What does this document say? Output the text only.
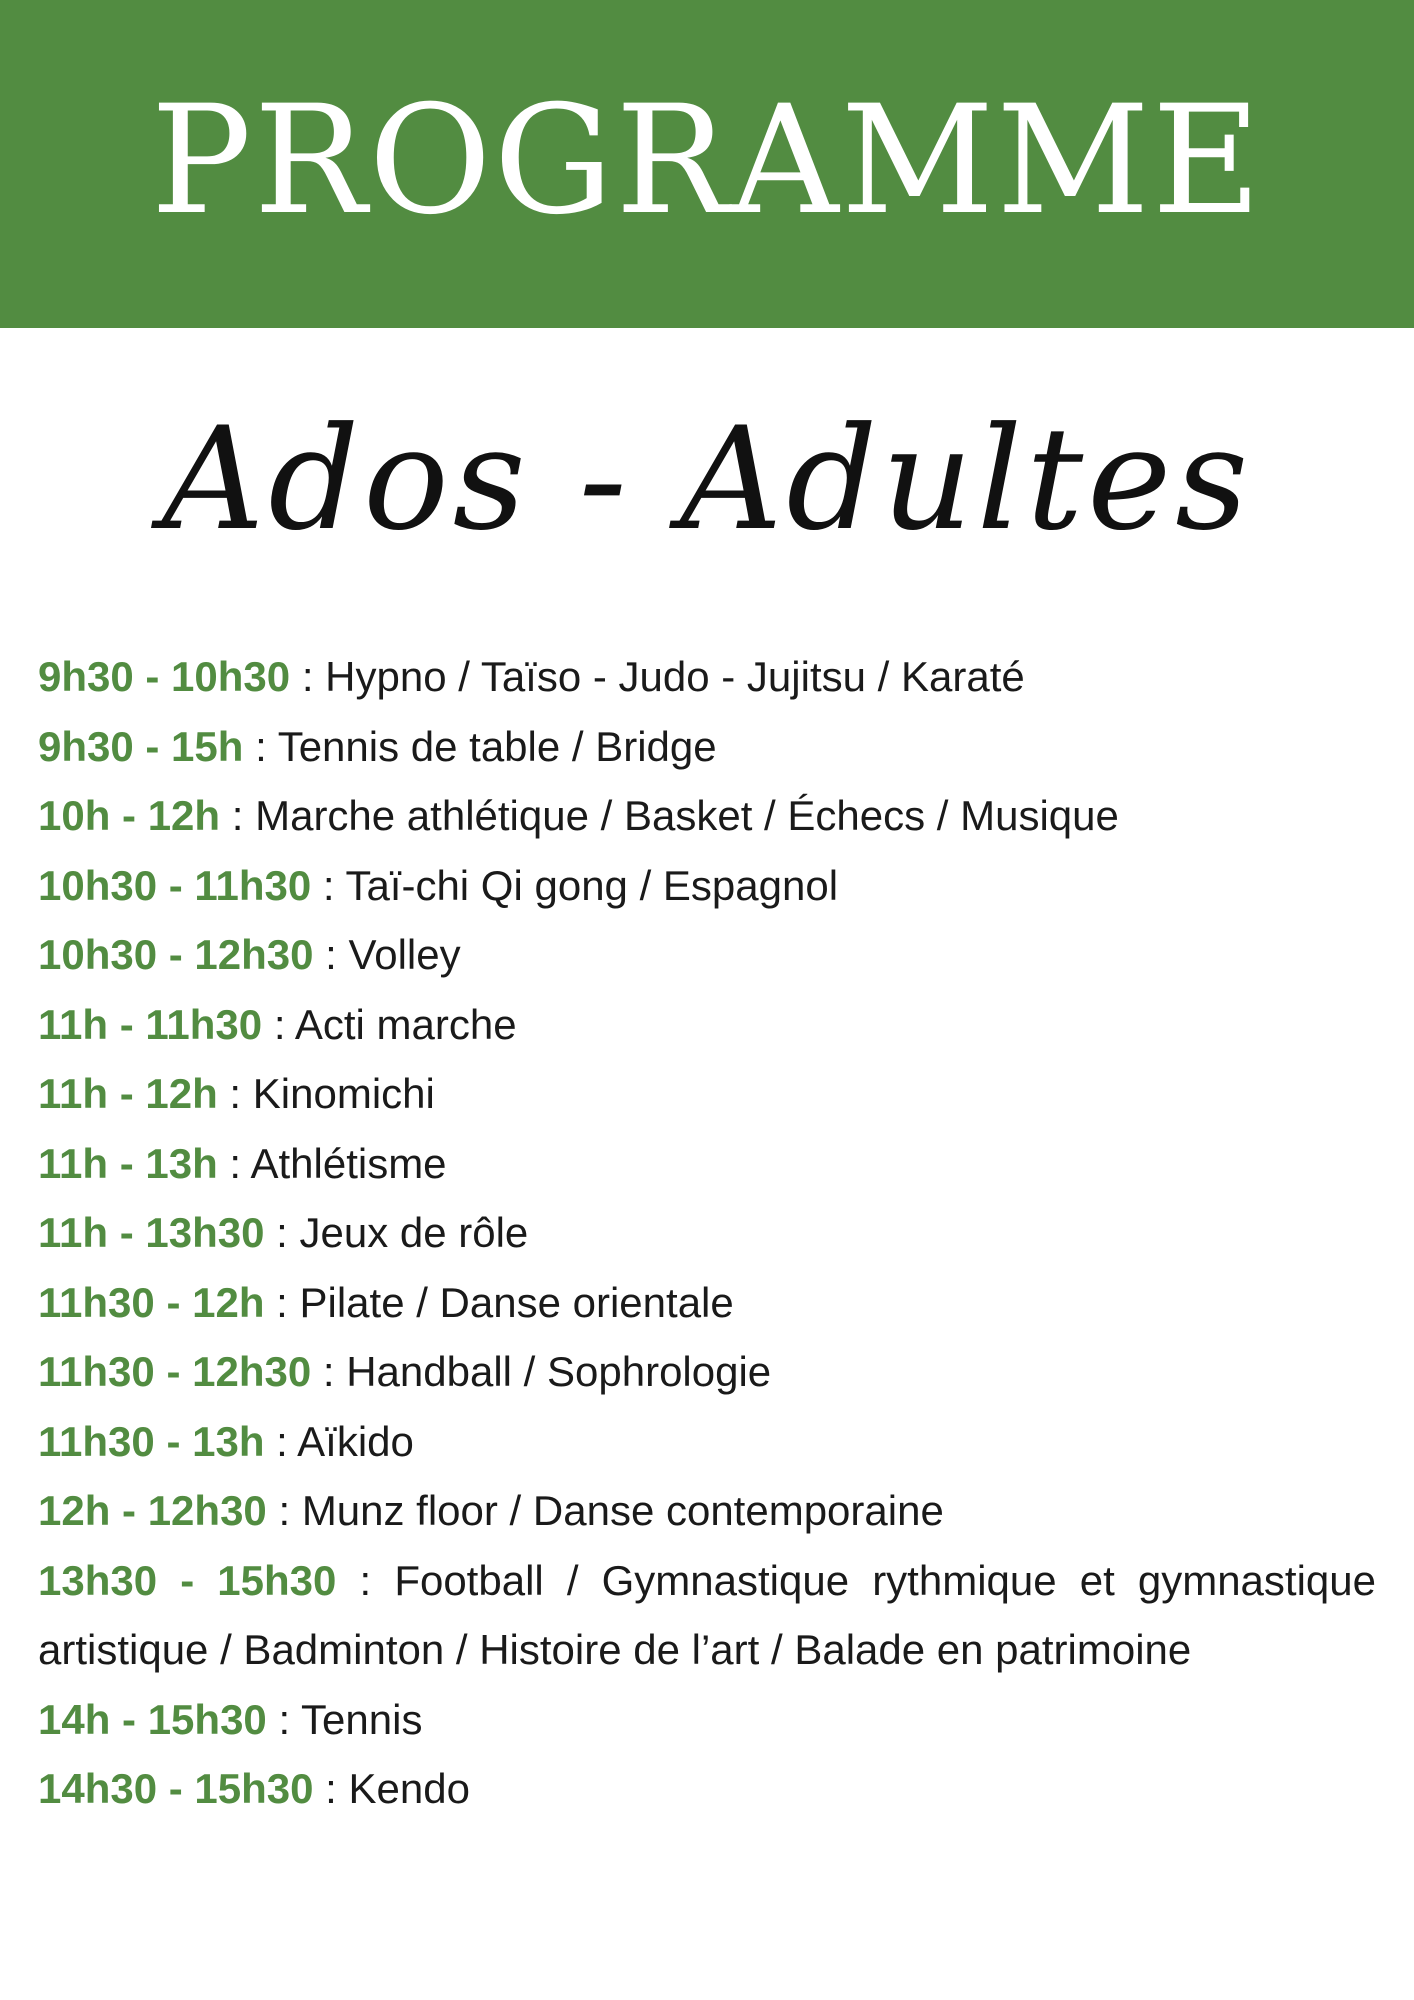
PROGRAMME
Ados - Adultes
9h30 - 10h30 : Hypno / Taïso - Judo - Jujitsu / Karaté
9h30 - 15h : Tennis de table / Bridge
10h - 12h : Marche athlétique / Basket / Échecs / Musique
10h30 - 11h30 : Taï-chi Qi gong / Espagnol
10h30 - 12h30 : Volley
11h - 11h30 : Acti marche
11h - 12h : Kinomichi
11h - 13h : Athlétisme
11h - 13h30 : Jeux de rôle
11h30 - 12h : Pilate / Danse orientale
11h30 - 12h30 : Handball / Sophrologie
11h30 - 13h : Aïkido
12h - 12h30 : Munz floor / Danse contemporaine
13h30 - 15h30 : Football / Gymnastique rythmique et gymnastique artistique / Badminton / Histoire de l’art / Balade en patrimoine
14h - 15h30 : Tennis
14h30 - 15h30 : Kendo
